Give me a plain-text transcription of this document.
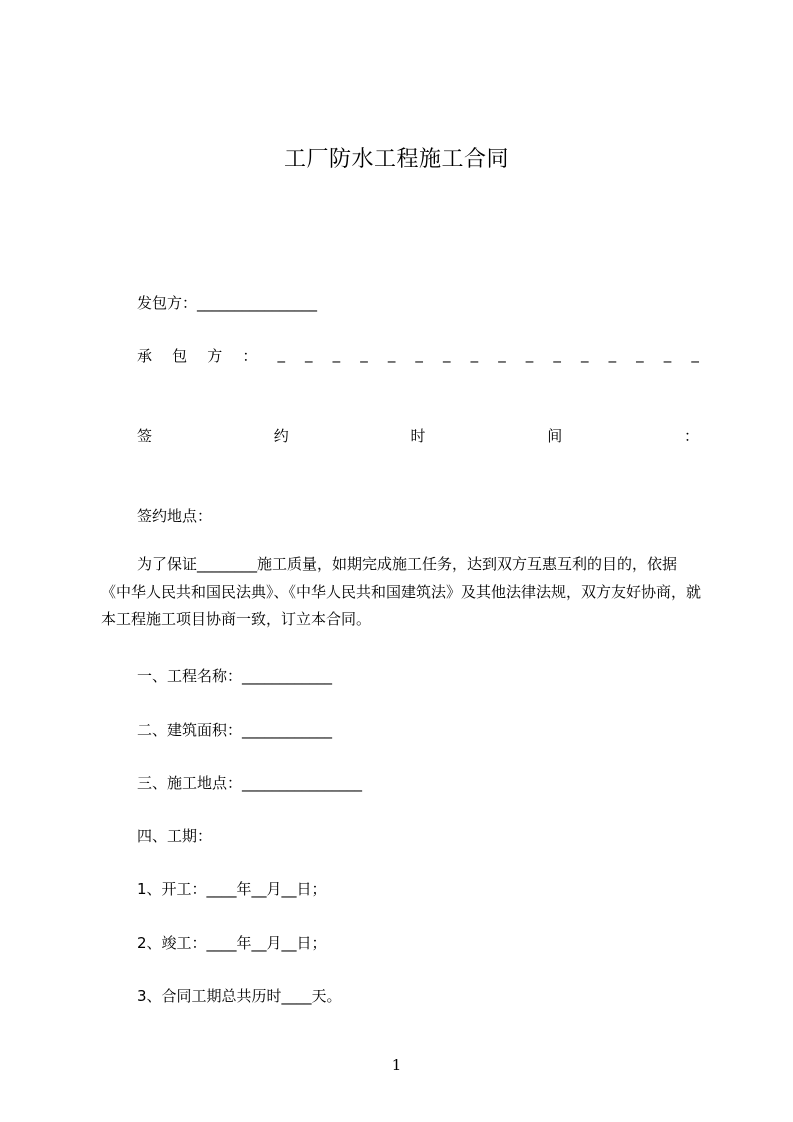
工厂防水工程施工合同
发包方：________________
承 包 方 ： _ _ _ _ _ _ _ _ _ _ _ _ _ _ _ _
签	约	时	间	：
签约地点：
为了保证________施工质量，如期完成施工任务，达到双方互惠互利的目的，依据《中华人民共和国民法典》、《中华人民共和国建筑法》及其他法律法规，双方友好协商，就本工程施工项目协商一致，订立本合同。
一、工程名称：____________
二、建筑面积：____________
三、施工地点：________________
四、工期：
1、开工：____年__月__日；
2、竣工：____年__月__日；
3、合同工期总共历时____天。
1
